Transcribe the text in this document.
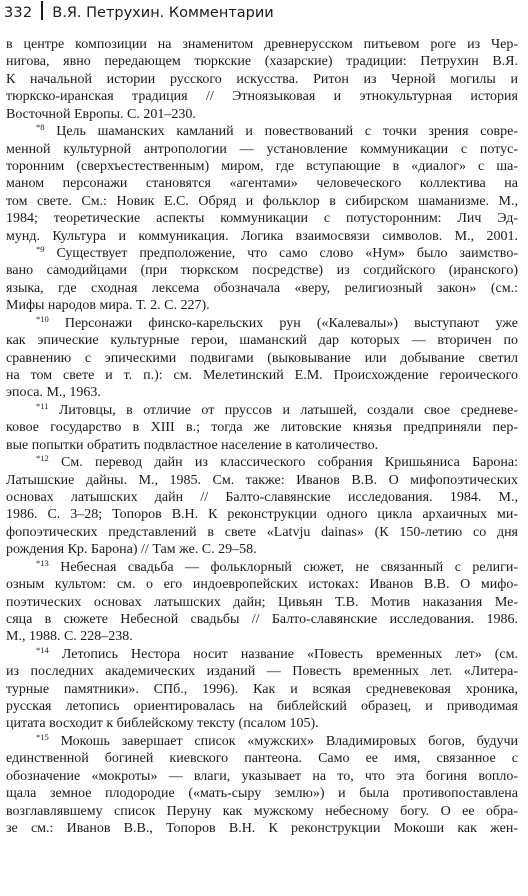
332 В.Я. Петрухин. Комментарии

в центре композиции на знаменитом древнерусском питьевом роге из Чер-

нигова, явно передающем тюркские (хазарские) традиции: Петрухин В.Я.

К начальной истории русского искусства. Ритон из Черной могилы и

тюркско-иранская традиция // Этноязыковая и этнокультурная история

Восточной Европы. С. 201–230.

$^{*8}$ Цель шаманских камланий и повествований с точки зрения совре-

менной культурной антропологии — установление коммуникации с потус-

торонним (сверхъестественным) миром, где вступающие в «диалог» с ша-

маном персонажи становятся «агентами» человеческого коллектива на

том свете. См.: Новик Е.С. Обряд и фольклор в сибирском шаманизме. М.,

1984; теоретические аспекты коммуникации с потусторонним: Лич Эд-

мунд. Культура и коммуникация. Логика взаимосвязи символов. М., 2001.

$^{*9}$ Существует предположение, что само слово «Нум» было заимство-

вано самодийцами (при тюркском посредстве) из согдийского (иранского)

языка, где сходная лексема обозначала «веру, религиозный закон» (см.:

Мифы народов мира. Т. 2. С. 227).

$^{*10}$ Персонажи финско-карельских рун («Калевалы») выступают уже

как эпические культурные герои, шаманский дар которых — вторичен по

сравнению с эпическими подвигами (выковывание или добывание светил

на том свете и т. п.): см. Мелетинский Е.М. Происхождение героического

эпоса. М., 1963.

$^{*11}$ Литовцы, в отличие от пруссов и латышей, создали свое средневе-

ковое государство в XIII в.; тогда же литовские князья предприняли пер-

вые попытки обратить подвластное население в католичество.

$^{*12}$ См. перевод дайн из классического собрания Кришьяниса Барона:

Латышские дайны. М., 1985. См. также: Иванов В.В. О мифопоэтических

основах латышских дайн // Балто-славянские исследования. 1984. М.,

1986. С. 3–28; Топоров В.Н. К реконструкции одного цикла архаичных ми-

фопоэтических представлений в свете «Latvju dainas» (К 150-летию со дня

рождения Кр. Барона) // Там же. С. 29–58.

$^{*13}$ Небесная свадьба — фольклорный сюжет, не связанный с религи-

озным культом: см. о его индоевропейских истоках: Иванов В.В. О мифо-

поэтических основах латышских дайн; Цивьян Т.В. Мотив наказания Ме-

сяца в сюжете Небесной свадьбы // Балто-славянские исследования. 1986.

М., 1988. С. 228–238.

$^{*14}$ Летопись Нестора носит название «Повесть временных лет» (см.

из последних академических изданий — Повесть временных лет. «Литера-

турные памятники». СПб., 1996). Как и всякая средневековая хроника,

русская летопись ориентировалась на библейский образец, и приводимая

цитата восходит к библейскому тексту (псалом 105).

$^{*15}$ Мокошь завершает список «мужских» Владимировых богов, будучи

единственной богиней киевского пантеона. Само ее имя, связанное с

обозначение «мокроты» — влаги, указывает на то, что эта богиня вопло-

щала земное плодородие («мать-сыру землю») и была противопоставлена

возглавлявшему список Перуну как мужскому небесному богу. О ее обра-

зе см.: Иванов В.В., Топоров В.Н. К реконструкции Мокоши как жен-
